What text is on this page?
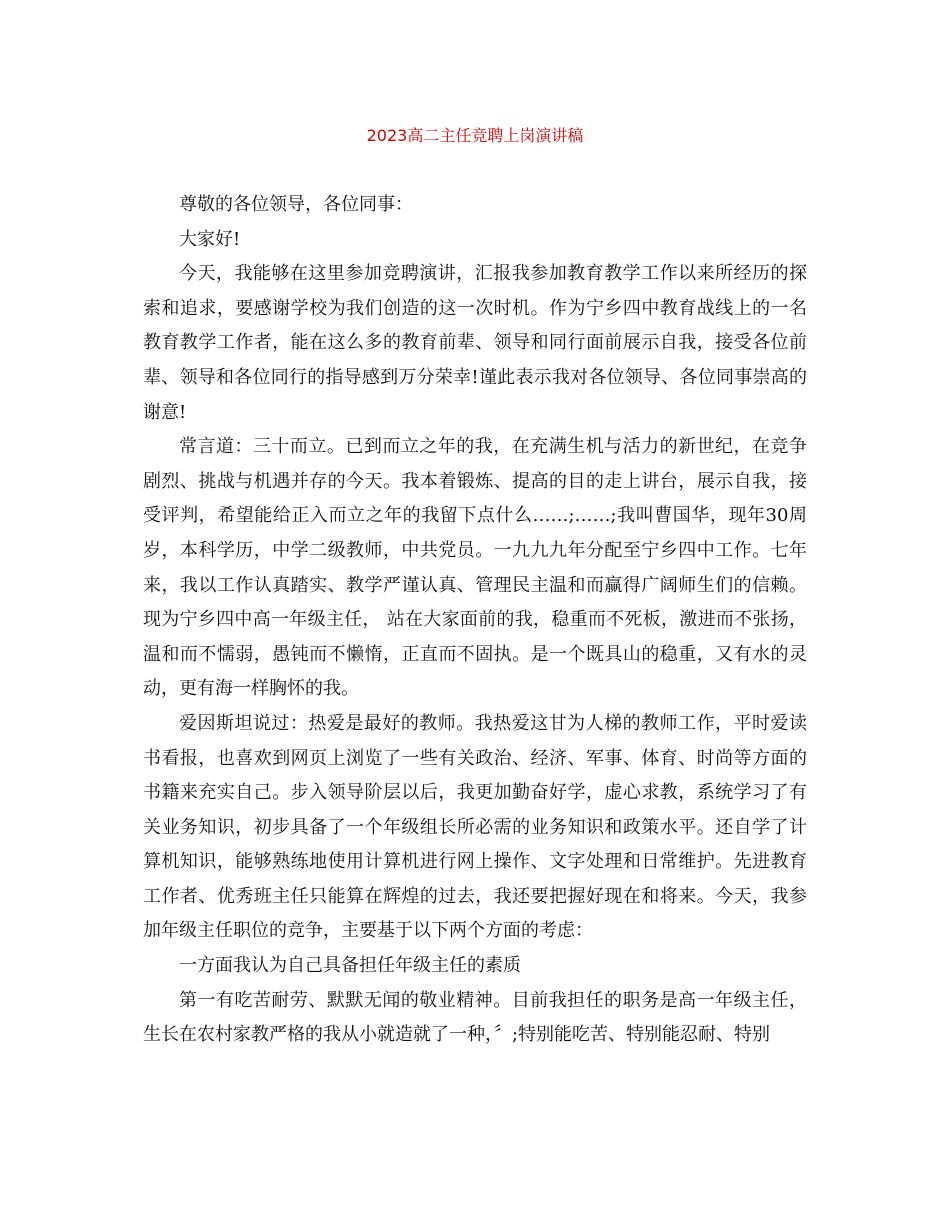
2023高二主任竞聘上岗演讲稿

尊敬的各位领导，各位同事：

大家好!

今天，我能够在这里参加竞聘演讲，汇报我参加教育教学工作以来所经历的探索和追求，要感谢学校为我们创造的这一次时机。作为宁乡四中教育战线上的一名教育教学工作者，能在这么多的教育前辈、领导和同行面前展示自我，接受各位前辈、领导和各位同行的指导感到万分荣幸!谨此表示我对各位领导、各位同事崇高的谢意!

常言道：三十而立。已到而立之年的我，在充满生机与活力的新世纪，在竞争剧烈、挑战与机遇并存的今天。我本着锻炼、提高的目的走上讲台，展示自我，接受评判，希望能给正入而立之年的我留下点什么……;……;我叫曹国华，现年30周岁，本科学历，中学二级教师，中共党员。一九九九年分配至宁乡四中工作。七年来，我以工作认真踏实、教学严谨认真、管理民主温和而赢得广阔师生们的信赖。现为宁乡四中高一年级主任， 站在大家面前的我，稳重而不死板，激进而不张扬，温和而不懦弱，愚钝而不懒惰，正直而不固执。是一个既具山的稳重，又有水的灵动，更有海一样胸怀的我。

爱因斯坦说过：热爱是最好的教师。我热爱这甘为人梯的教师工作，平时爱读书看报，也喜欢到网页上浏览了一些有关政治、经济、军事、体育、时尚等方面的书籍来充实自己。步入领导阶层以后，我更加勤奋好学，虚心求教，系统学习了有关业务知识，初步具备了一个年级组长所必需的业务知识和政策水平。还自学了计算机知识，能够熟练地使用计算机进行网上操作、文字处理和日常维护。先进教育工作者、优秀班主任只能算在辉煌的过去，我还要把握好现在和将来。今天，我参加年级主任职位的竞争，主要基于以下两个方面的考虑：

一方面我认为自己具备担任年级主任的素质

第一有吃苦耐劳、默默无闻的敬业精神。目前我担任的职务是高一年级主任，生长在农村家教严格的我从小就造就了一种，〞;特别能吃苦、特别能忍耐、特别
